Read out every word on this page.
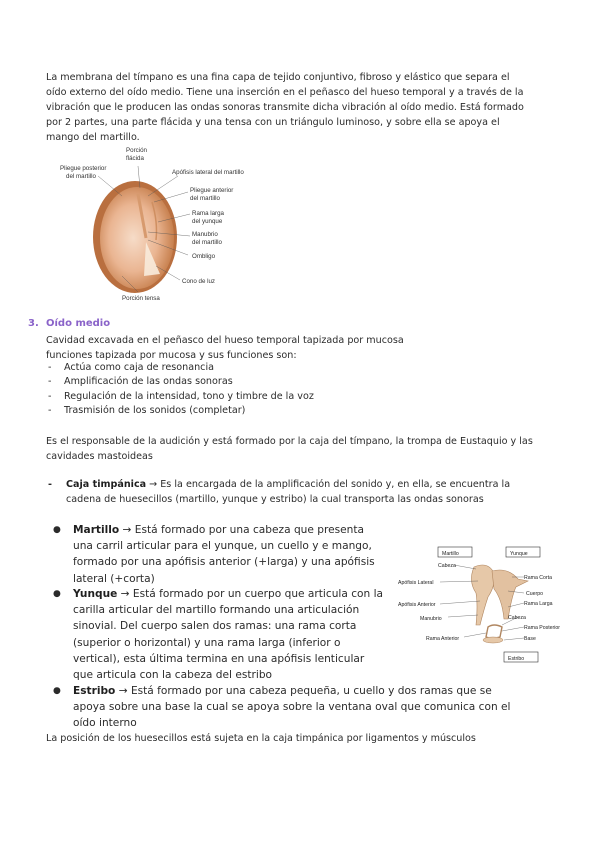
La membrana del tímpano es una fina capa de tejido conjuntivo, fibroso y elástico que separa el oído externo del oído medio. Tiene una inserción en el peñasco del hueso temporal y a través de la vibración que le producen las ondas sonoras transmite dicha vibración al oído medio. Está formado por 2 partes, una parte flácida y una tensa con un triángulo luminoso, y sobre ella se apoya el mango del martillo.

Porción flácida
Pliegue posterior del martillo
Apófisis lateral del martillo
Pliegue anterior del martillo
Rama larga del yunque
Manubrio del martillo
Ombligo
Cono de luz
Porción tensa
3. Oído medio

Cavidad excavada en el peñasco del hueso temporal tapizada por mucosa funciones tapizada por mucosa y sus funciones son:

- Actúa como caja de resonancia
- Amplificación de las ondas sonoras
- Regulación de la intensidad, tono y timbre de la voz
- Trasmisión de los sonidos (completar)

Es el responsable de la audición y está formado por la caja del tímpano, la trompa de Eustaquio y las cavidades mastoideas

- Caja timpánica → Es la encargada de la amplificación del sonido y, en ella, se encuentra la cadena de huesecillos (martillo, yunque y estribo) la cual transporta las ondas sonoras
● Martillo → Está formado por una cabeza que presenta una carril articular para el yunque, un cuello y e mango, formado por una apófisis anterior (+larga) y una apófisis lateral (+corta)
● Yunque → Está formado por un cuerpo que articula con la carilla articular del martillo formando una articulación sinovial. Del cuerpo salen dos ramas: una rama corta (superior o horizontal) y una rama larga (inferior o vertical), esta última termina en una apófisis lenticular que articula con la cabeza del estribo
● Estribo → Está formado por una cabeza pequeña, u cuello y dos ramas que se apoya sobre una base la cual se apoya sobre la ventana oval que comunica con el oído interno
Martillo	Yunque
Estribo
Cabeza
Apófisis Lateral
Apófisis Anterior
Manubrio
Rama Anterior
Rama Corta
Cuerpo
Rama Larga
Cabeza
Rama Posterior
Base

La posición de los huesecillos está sujeta en la caja timpánica por ligamentos y músculos
